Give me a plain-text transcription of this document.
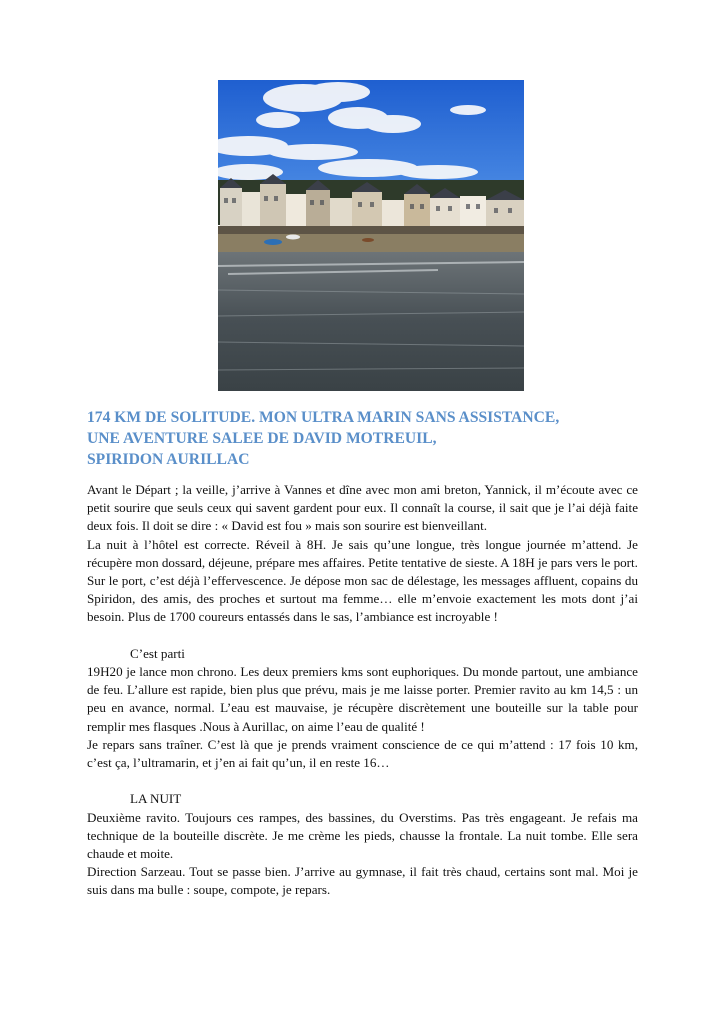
174 KM DE SOLITUDE. MON ULTRA MARIN SANS ASSISTANCE,
UNE AVENTURE SALEE DE DAVID MOTREUIL,
SPIRIDON AURILLAC

Avant le Départ ; la veille, j’arrive à Vannes et dîne avec mon ami breton, Yannick, il m’écoute avec ce petit sourire que seuls ceux qui savent gardent pour eux. Il connaît la course, il sait que je l’ai déjà faite deux fois. Il doit se dire : « David est fou » mais son sourire est bienveillant.

La nuit à l’hôtel est correcte. Réveil à 8H. Je sais qu’une longue, très longue journée m’attend. Je récupère mon dossard, déjeune, prépare mes affaires. Petite tentative de sieste. A 18H je pars vers le port.

Sur le port, c’est déjà l’effervescence. Je dépose mon sac de délestage, les messages affluent, copains du Spiridon, des amis, des proches et surtout ma femme… elle m’envoie exactement les mots dont j’ai besoin. Plus de 1700 coureurs entassés dans le sas, l’ambiance est incroyable !

C’est parti

19H20 je lance mon chrono. Les deux premiers kms sont euphoriques. Du monde partout, une ambiance de feu. L’allure est rapide, bien plus que prévu, mais je me laisse porter. Premier ravito au km 14,5 : un peu en avance, normal. L’eau est mauvaise, je récupère discrètement une bouteille sur la table pour remplir mes flasques .Nous à Aurillac, on aime l’eau de qualité !

Je repars sans traîner. C’est là que je prends vraiment conscience de ce qui m’attend : 17 fois 10 km, c’est ça, l’ultramarin, et j’en ai fait qu’un, il en reste 16…

LA NUIT

Deuxième ravito. Toujours ces rampes, des bassines, du Overstims. Pas très engageant. Je refais ma technique de la bouteille discrète. Je me crème les pieds, chausse la frontale. La nuit tombe. Elle sera chaude et moite.

Direction Sarzeau. Tout se passe bien. J’arrive au gymnase, il fait très chaud, certains sont mal. Moi je suis dans ma bulle : soupe, compote, je repars.
